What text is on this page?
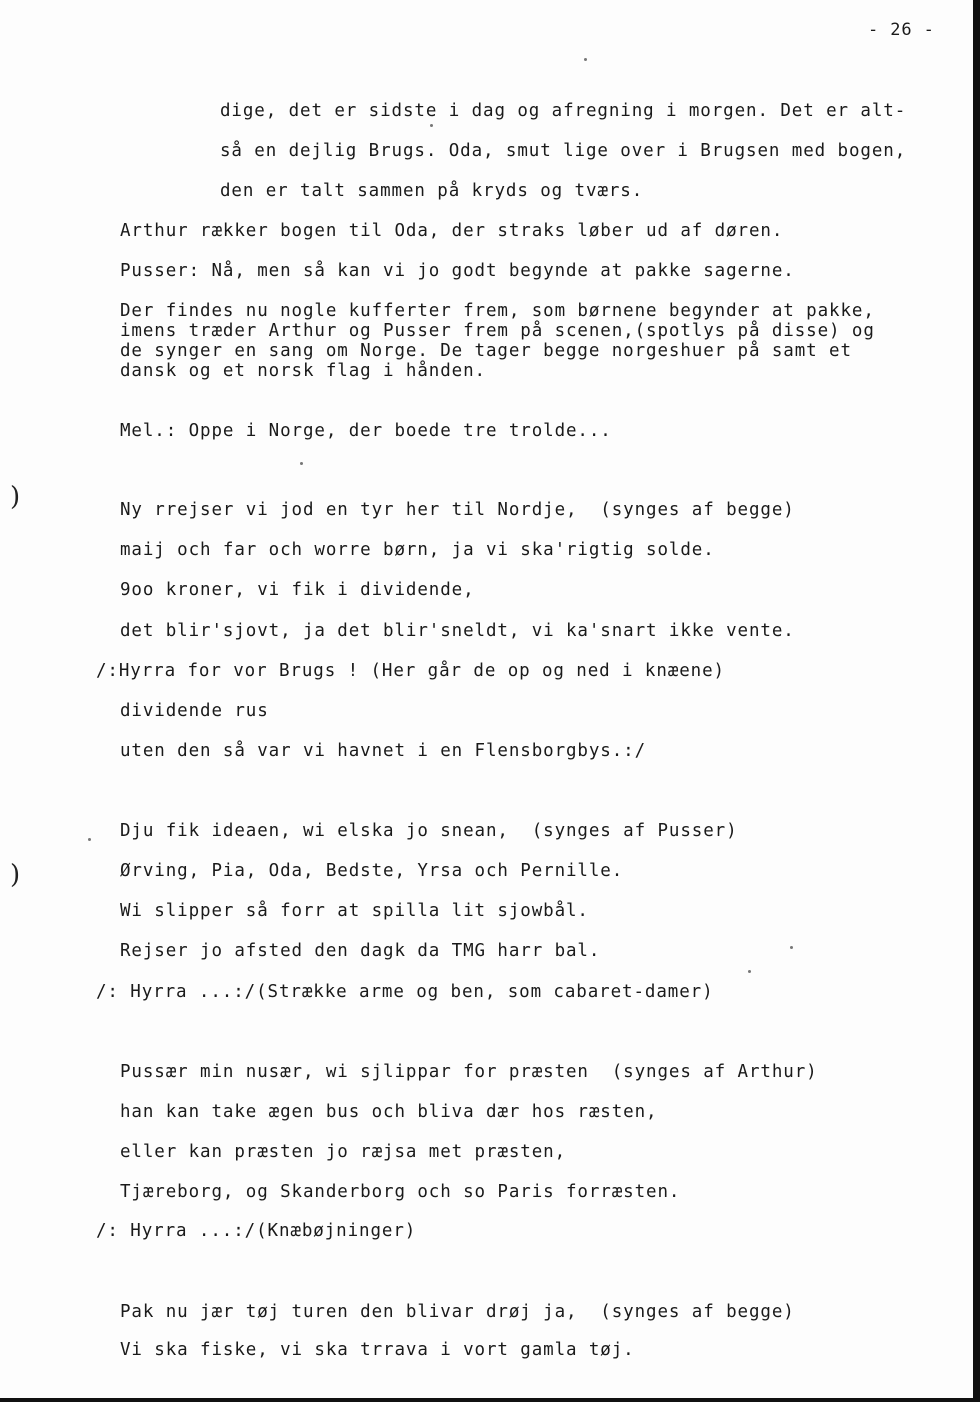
- 26 -
dige, det er sidste i dag og afregning i morgen. Det er alt-
så en dejlig Brugs. Oda, smut lige over i Brugsen med bogen,
den er talt sammen på kryds og tværs.
Arthur rækker bogen til Oda, der straks løber ud af døren.
Pusser: Nå, men så kan vi jo godt begynde at pakke sagerne.
Der findes nu nogle kufferter frem, som børnene begynder at pakke,
imens træder Arthur og Pusser frem på scenen,(spotlys på disse) og
de synger en sang om Norge. De tager begge norgeshuer på samt et
dansk og et norsk flag i hånden.
Mel.: Oppe i Norge, der boede tre trolde...
)	Ny rrejser vi jod en tyr her til Nordje,  (synges af begge)
maij och far och worre børn, ja vi ska'rigtig solde.
9oo kroner, vi fik i dividende,
det blir'sjovt, ja det blir'sneldt, vi ka'snart ikke vente.
/:Hyrra for vor Brugs ! (Her går de op og ned i knæene)
dividende rus
uten den så var vi havnet i en Flensborgbys.:/
Dju fik ideaen, wi elska jo snean,  (synges af Pusser)
)	Ørving, Pia, Oda, Bedste, Yrsa och Pernille.
Wi slipper så forr at spilla lit sjowbål.
Rejser jo afsted den dagk da TMG harr bal.
/: Hyrra ...:/(Strække arme og ben, som cabaret-damer)
Pussær min nusær, wi sjlippar for præsten  (synges af Arthur)
han kan take ægen bus och bliva dær hos ræsten,
eller kan præsten jo ræjsa met præsten,
Tjæreborg, og Skanderborg och so Paris forræsten.
/: Hyrra ...:/(Knæbøjninger)
Pak nu jær tøj turen den blivar drøj ja,  (synges af begge)
Vi ska fiske, vi ska trrava i vort gamla tøj.
